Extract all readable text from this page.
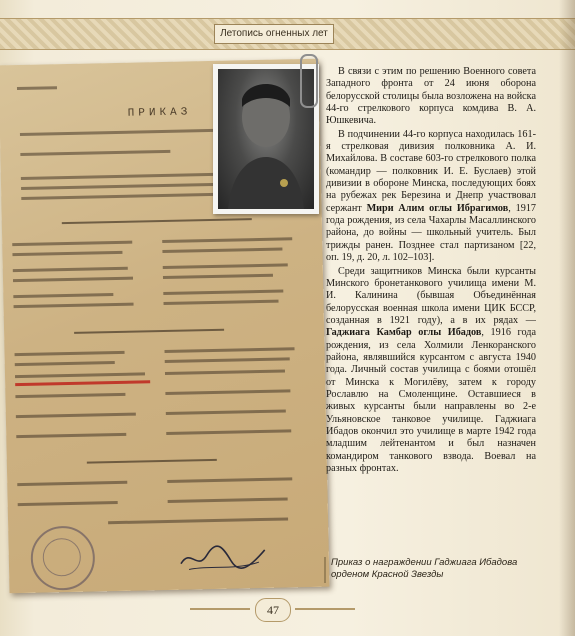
Летопись огненных лет
ПРИКАЗ

В связи с этим по решению Военного совета Западного фронта от 24 июня оборона белорусской столицы была возложена на войска 44-го стрелкового корпуса комдива В. А. Юшкевича.

В подчинении 44-го корпуса находилась 161-я стрелковая дивизия полковника А. И. Михайлова. В составе 603-го стрелкового полка (командир — полковник И. Е. Буслаев) этой дивизии в обороне Минска, последующих боях на рубежах рек Березина и Днепр участвовал сержант Мири Алим оглы Ибрагимов, 1917 года рождения, из села Чахарлы Масаллинского района, до войны — школьный учитель. Был трижды ранен. Позднее стал партизаном [22, оп. 19, д. 20, л. 102–103].

Среди защитников Минска были курсанты Минского бронетанкового училища имени М. И. Калинина (бывшая Объединённая белорусская военная школа имени ЦИК БССР, созданная в 1921 году), а в их рядах — Гаджиага Камбар оглы Ибадов, 1916 года рождения, из села Холмили Ленкоранского района, являвшийся курсантом с августа 1940 года. Личный состав училища с боями отошёл от Минска к Могилёву, затем к городу Рославлю на Смоленщине. Оставшиеся в живых курсанты были направлены во 2-е Ульяновское танковое училище. Гаджиага Ибадов окончил это училище в марте 1942 года младшим лейтенантом и был назначен командиром танкового взвода. Воевал на разных фронтах.

Приказ о награждении Гаджиага Ибадова орденом Красной Звезды
47
